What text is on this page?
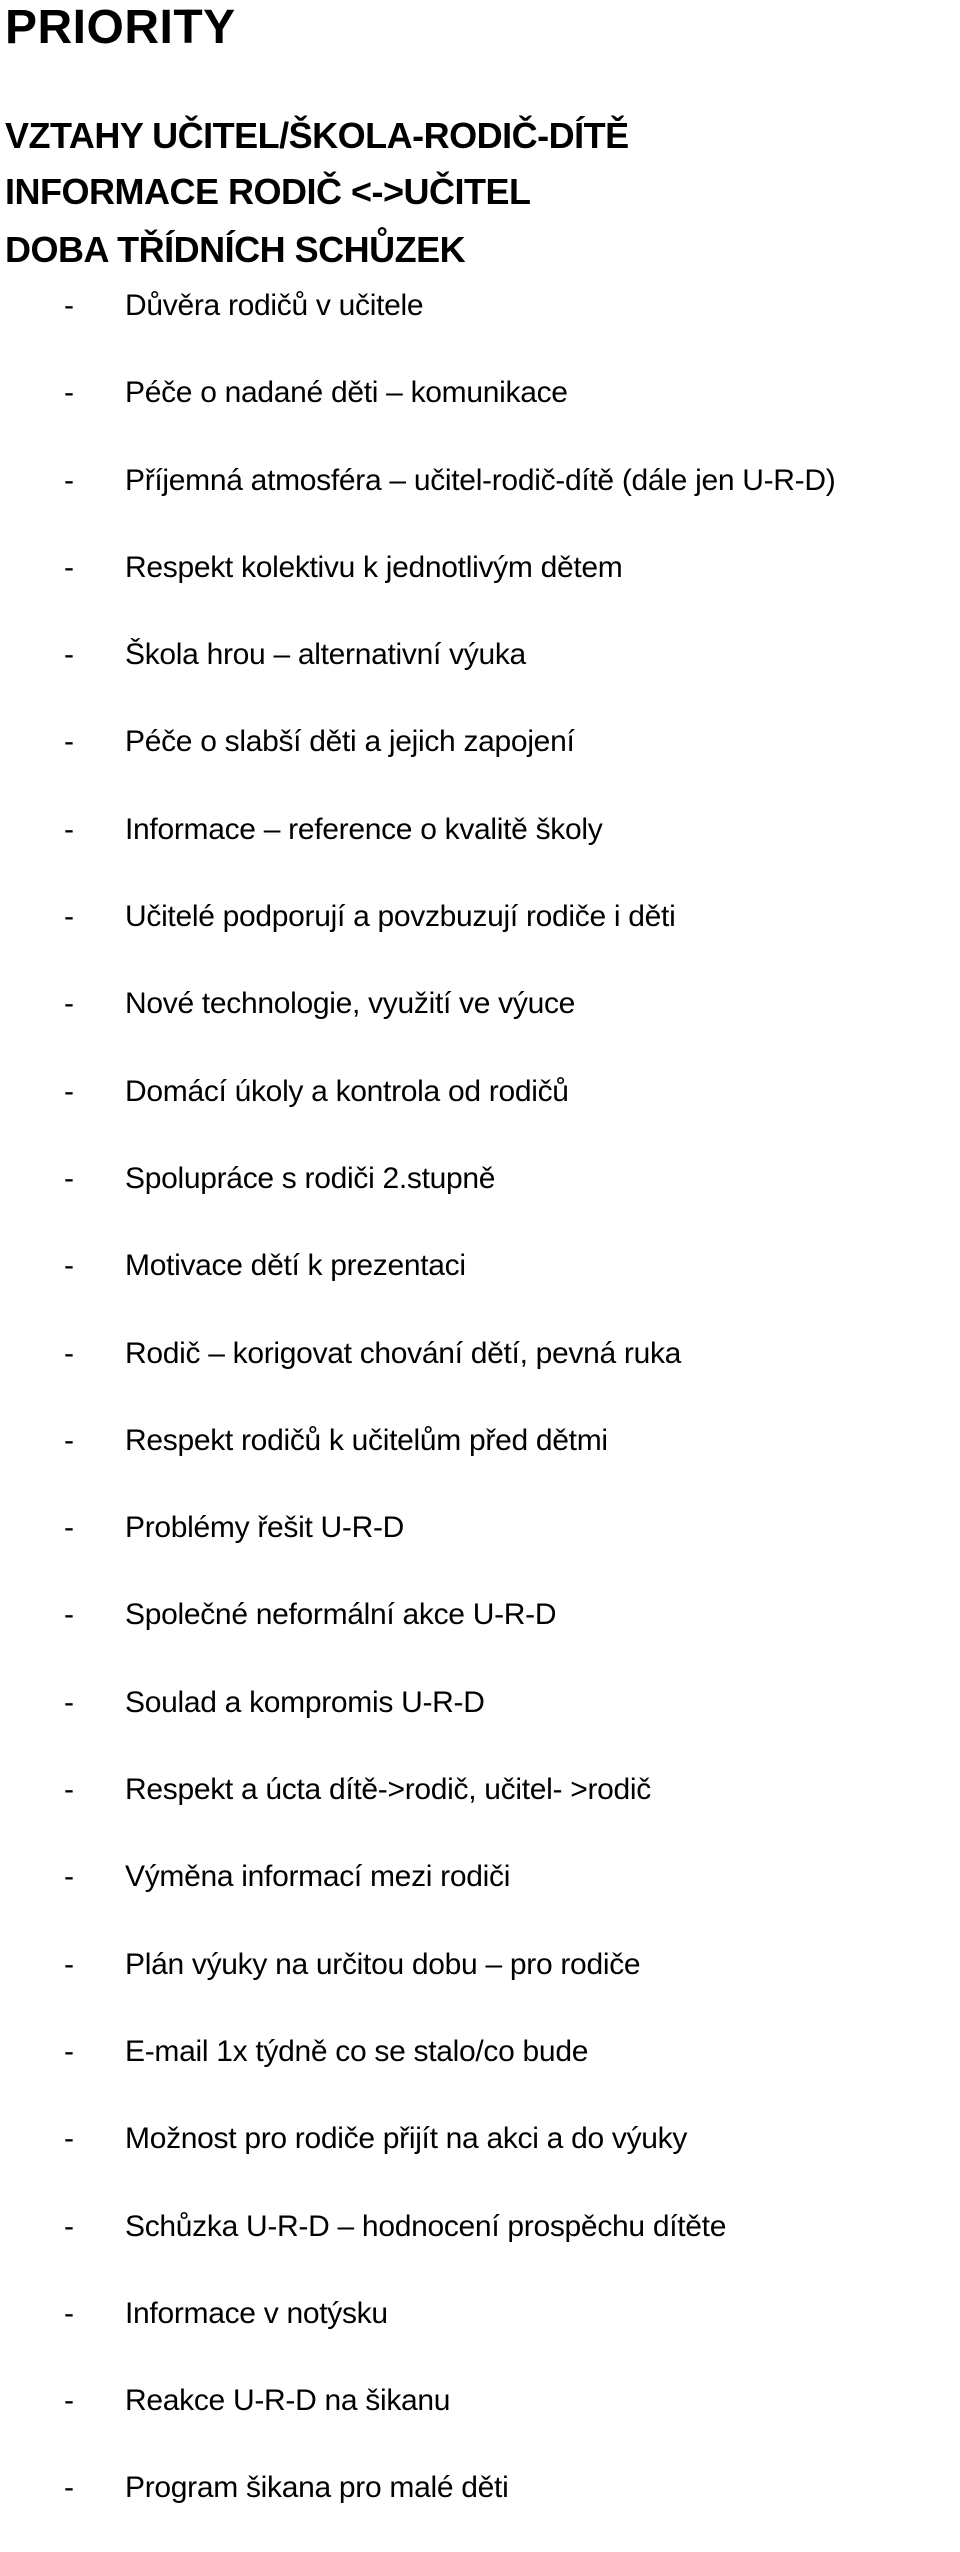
PRIORITY
VZTAHY UČITEL/ŠKOLA-RODIČ-DÍTĚ
INFORMACE RODIČ <->UČITEL
DOBA TŘÍDNÍCH SCHŮZEK
- Důvěra rodičů v učitele
- Péče o nadané děti – komunikace
- Příjemná atmosféra – učitel-rodič-dítě (dále jen U-R-D)
- Respekt kolektivu k jednotlivým dětem
- Škola hrou – alternativní výuka
- Péče o slabší děti a jejich zapojení
- Informace – reference o kvalitě školy
- Učitelé podporují a povzbuzují rodiče i děti
- Nové technologie, využití ve výuce
- Domácí úkoly a kontrola od rodičů
- Spolupráce s rodiči 2.stupně
- Motivace dětí k prezentaci
- Rodič – korigovat chování dětí, pevná ruka
- Respekt rodičů k učitelům před dětmi
- Problémy řešit U-R-D
- Společné neformální akce U-R-D
- Soulad a kompromis U-R-D
- Respekt a úcta dítě->rodič, učitel- >rodič
- Výměna informací mezi rodiči
- Plán výuky na určitou dobu – pro rodiče
- E-mail 1x týdně co se stalo/co bude
- Možnost pro rodiče přijít na akci a do výuky
- Schůzka U-R-D – hodnocení prospěchu dítěte
- Informace v notýsku
- Reakce U-R-D na šikanu
- Program šikana pro malé děti
